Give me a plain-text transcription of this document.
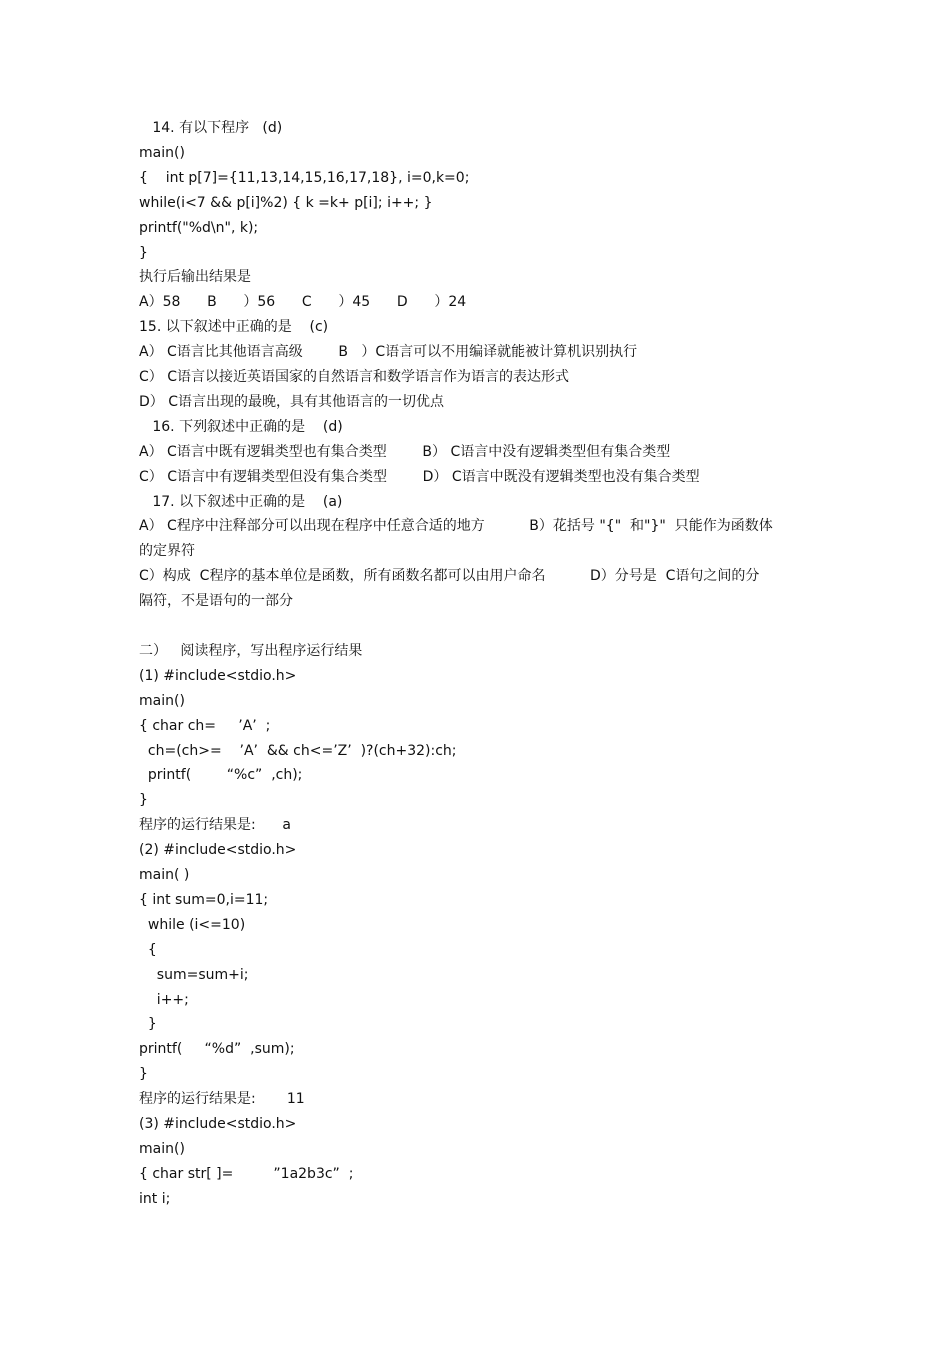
14. 有以下程序   (d)
main()
{    int p[7]={11,13,14,15,16,17,18}, i=0,k=0;
while(i<7 && p[i]%2) { k =k+ p[i]; i++; }
printf("%d\n", k);
}
执行后输出结果是
A）58      B      ）56      C      ）45      D      ）24
15. 以下叙述中正确的是    (c)
A） C语言比其他语言高级        B   ）C语言可以不用编译就能被计算机识别执行
C） C语言以接近英语国家的自然语言和数学语言作为语言的表达形式
D） C语言出现的最晚，具有其他语言的一切优点
16. 下列叙述中正确的是    (d)
A） C语言中既有逻辑类型也有集合类型        B） C语言中没有逻辑类型但有集合类型
C） C语言中有逻辑类型但没有集合类型        D） C语言中既没有逻辑类型也没有集合类型
17. 以下叙述中正确的是    (a)
A） C程序中注释部分可以出现在程序中任意合适的地方          B）花括号 "{"  和"}"  只能作为函数体
的定界符
C）构成  C程序的基本单位是函数，所有函数名都可以由用户命名          D）分号是  C语句之间的分
隔符，不是语句的一部分
二）   阅读程序，写出程序运行结果
(1) #include<stdio.h>
main()
{ char ch=     ’A’  ;
ch=(ch>=    ’A’  && ch<=’Z’  )?(ch+32):ch;
printf(        “%c”  ,ch);
}
程序的运行结果是:      a
(2) #include<stdio.h>
main( )
{ int sum=0,i=11;
while (i<=10)
{
sum=sum+i;
i++;
}
printf(     “%d”  ,sum);
}
程序的运行结果是:       11
(3) #include<stdio.h>
main()
{ char str[ ]=         ”1a2b3c”  ;
int i;
